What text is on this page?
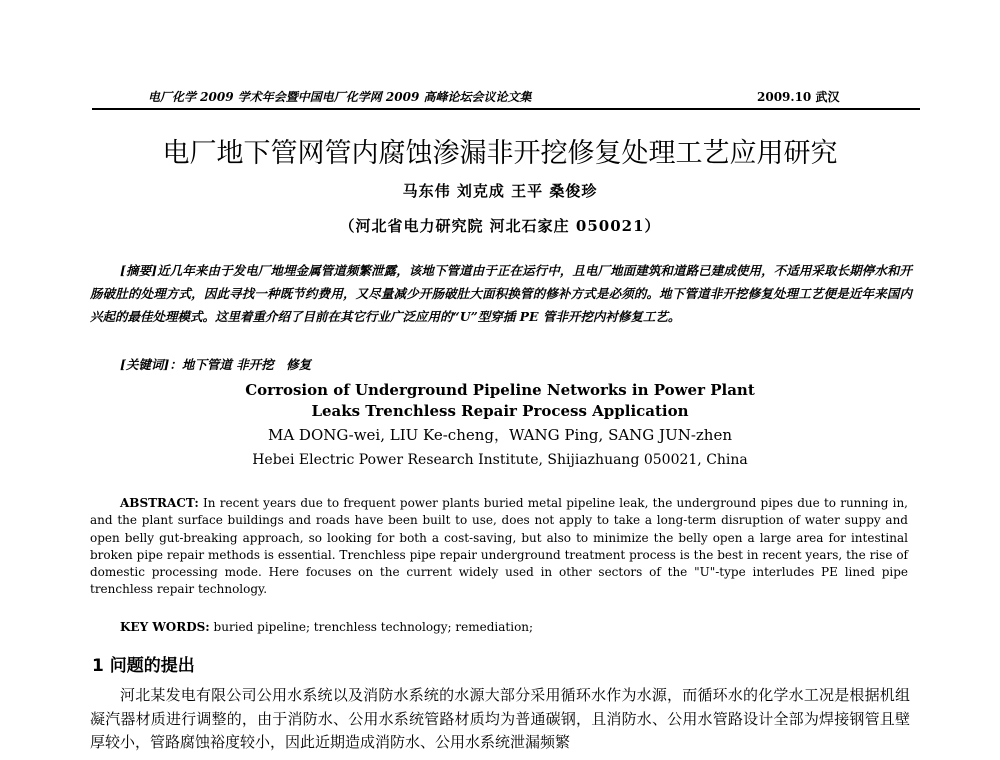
电厂化学 2009 学术年会暨中国电厂化学网 2009 高峰论坛会议论文集	2009.10 武汉
电厂地下管网管内腐蚀渗漏非开挖修复处理工艺应用研究
马东伟 刘克成 王平 桑俊珍
（河北省电力研究院 河北石家庄 050021）
[摘要]近几年来由于发电厂地埋金属管道频繁泄露，该地下管道由于正在运行中，且电厂地面建筑和道路已建成使用，不适用采取长期停水和开肠破肚的处理方式，因此寻找一种既节约费用，又尽量减少开肠破肚大面积换管的修补方式是必须的。地下管道非开挖修复处理工艺便是近年来国内兴起的最佳处理模式。这里着重介绍了目前在其它行业广泛应用的“U”型穿插 PE 管非开挖内衬修复工艺。
[关键词]：地下管道 非开挖　修复
Corrosion of Underground Pipeline Networks in Power Plant
Leaks Trenchless Repair Process Application
MA DONG-wei, LIU Ke-cheng，WANG Ping, SANG JUN-zhen
Hebei Electric Power Research Institute, Shijiazhuang 050021, China
ABSTRACT: In recent years due to frequent power plants buried metal pipeline leak, the underground pipes due to running in, and the plant surface buildings and roads have been built to use, does not apply to take a long-term disruption of water suppy and open belly gut-breaking approach, so looking for both a cost-saving, but also to minimize the belly open a large area for intestinal broken pipe repair methods is essential. Trenchless pipe repair underground treatment process is the best in recent years, the rise of domestic processing mode. Here focuses on the current widely used in other sectors of the "U"-type interludes PE lined pipe trenchless repair technology.
KEY WORDS: buried pipeline; trenchless technology; remediation;
1 问题的提出
河北某发电有限公司公用水系统以及消防水系统的水源大部分采用循环水作为水源，而循环水的化学水工况是根据机组凝汽器材质进行调整的，由于消防水、公用水系统管路材质均为普通碳钢，且消防水、公用水管路设计全部为焊接钢管且壁厚较小，管路腐蚀裕度较小，因此近期造成消防水、公用水系统泄漏频繁
